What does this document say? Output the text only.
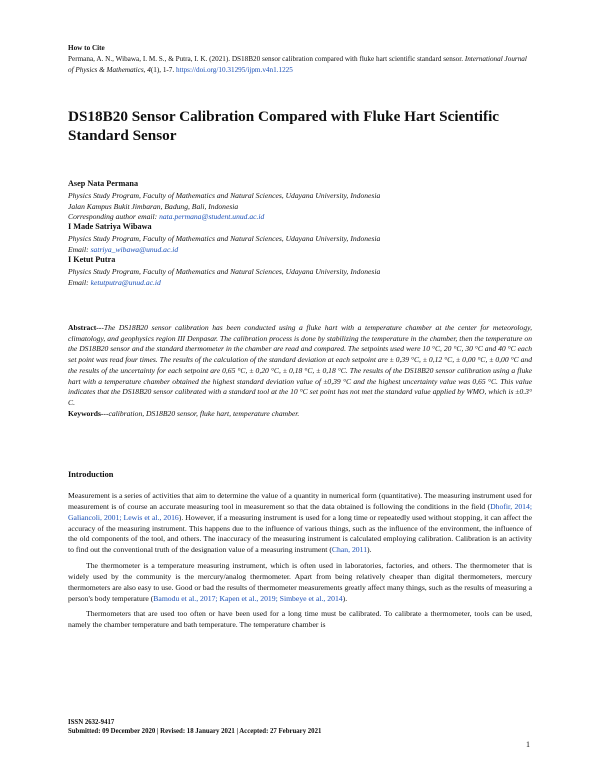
How to Cite
Permana, A. N., Wibawa, I. M. S., & Putra, I. K. (2021). DS18B20 sensor calibration compared with fluke hart scientific standard sensor. International Journal of Physics & Mathematics, 4(1), 1-7. https://doi.org/10.31295/ijpm.v4n1.1225
DS18B20 Sensor Calibration Compared with Fluke Hart Scientific Standard Sensor
Asep Nata Permana
Physics Study Program, Faculty of Mathematics and Natural Sciences, Udayana University, Indonesia
Jalan Kampus Bukit Jimbaran, Badung, Bali, Indonesia
Corresponding author email: nata.permana@student.unud.ac.id
I Made Satriya Wibawa
Physics Study Program, Faculty of Mathematics and Natural Sciences, Udayana University, Indonesia
Email: satriya_wibawa@unud.ac.id
I Ketut Putra
Physics Study Program, Faculty of Mathematics and Natural Sciences, Udayana University, Indonesia
Email: ketutputra@unud.ac.id

Abstract---The DS18B20 sensor calibration has been conducted using a fluke hart with a temperature chamber at the center for meteorology, climatology, and geophysics region III Denpasar. The calibration process is done by stabilizing the temperature in the chamber, then the temperature on the DS18B20 sensor and the standard thermometer in the chamber are read and compared. The setpoints used were 10 °C, 20 °C, 30 °C and 40 °C each set point was read four times. The results of the calculation of the standard deviation at each setpoint are ± 0,39 °C, ± 0,12 °C, ± 0,00 °C, ± 0,00 °C and the results of the uncertainty for each setpoint are 0,65 °C, ± 0,20 °C, ± 0,18 °C, ± 0,18 °C. The results of the DS18B20 sensor calibration using a fluke hart with a temperature chamber obtained the highest standard deviation value of ±0,39 °C and the highest uncertainty value was 0,65 °C. This value indicates that the DS18B20 sensor calibrated with a standard tool at the 10 °C set point has not met the standard value applied by WMO, which is ±0.3° C.

Keywords---calibration, DS18B20 sensor, fluke hart, temperature chamber.

Introduction

Measurement is a series of activities that aim to determine the value of a quantity in numerical form (quantitative). The measuring instrument used for measurement is of course an accurate measuring tool in measurement so that the data obtained is following the conditions in the field (Dhofir, 2014; Galiancoli, 2001; Lewis et al., 2016). However, if a measuring instrument is used for a long time or repeatedly used without stopping, it can affect the accuracy of the measuring instrument. This happens due to the influence of various things, such as the influence of the environment, the influence of the old components of the tool, and others. The inaccuracy of the measuring instrument is calculated employing calibration. Calibration is an activity to find out the conventional truth of the designation value of a measuring instrument (Chan, 2011).

The thermometer is a temperature measuring instrument, which is often used in laboratories, factories, and others. The thermometer that is widely used by the community is the mercury/analog thermometer. Apart from being relatively cheaper than digital thermometers, mercury thermometers are also easy to use. Good or bad the results of thermometer measurements greatly affect many things, such as the results of measuring a person's body temperature (Bamodu et al., 2017; Kapen et al., 2019; Simbeye et al., 2014).

Thermometers that are used too often or have been used for a long time must be calibrated. To calibrate a thermometer, tools can be used, namely the chamber temperature and bath temperature. The temperature chamber is

ISSN 2632-9417
Submitted: 09 December 2020 | Revised: 18 January 2021 | Accepted: 27 February 2021
1
